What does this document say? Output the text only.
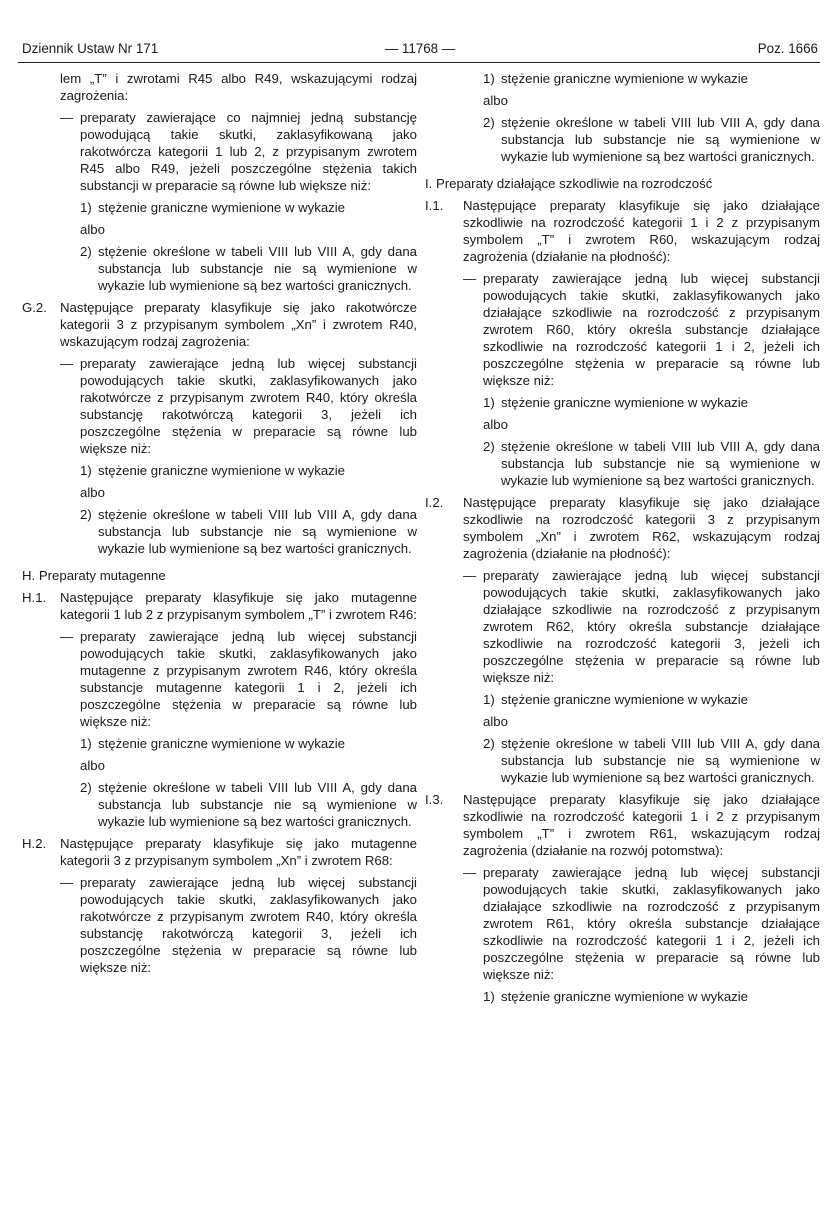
Dziennik Ustaw Nr 171	— 11768 —	Poz. 1666

lem „T” i zwrotami R45 albo R49, wskazującymi rodzaj zagrożenia:

— preparaty zawierające co najmniej jedną substancję powodującą takie skutki, zaklasyfikowaną jako rakotwórcza kategorii 1 lub 2, z przypisanym zwrotem R45 albo R49, jeżeli poszczególne stężenia takich substancji w preparacie są równe lub większe niż:

1) stężenie graniczne wymienione w wykazie

albo

2) stężenie określone w tabeli VIII lub VIII A, gdy dana substancja lub substancje nie są wymienione w wykazie lub wymienione są bez wartości granicznych.

G.2. Następujące preparaty klasyfikuje się jako rakotwórcze kategorii 3 z przypisanym symbolem „Xn” i zwrotem R40, wskazującym rodzaj zagrożenia:

— preparaty zawierające jedną lub więcej substancji powodujących takie skutki, zaklasyfikowanych jako rakotwórcze z przypisanym zwrotem R40, który określa substancję rakotwórczą kategorii 3, jeżeli ich poszczególne stężenia w preparacie są równe lub większe niż:

1) stężenie graniczne wymienione w wykazie

albo

2) stężenie określone w tabeli VIII lub VIII A, gdy dana substancja lub substancje nie są wymienione w wykazie lub wymienione są bez wartości granicznych.

H. Preparaty mutagenne

H.1.	Następujące preparaty klasyfikuje się jako mutagenne kategorii 1 lub 2 z przypisanym symbolem „T” i zwrotem R46:

— preparaty zawierające jedną lub więcej substancji powodujących takie skutki, zaklasyfikowanych jako mutagenne z przypisanym zwrotem R46, który określa substancje mutagenne kategorii 1 i 2, jeżeli ich poszczególne stężenia w preparacie są równe lub większe niż:

1) stężenie graniczne wymienione w wykazie

albo

2) stężenie określone w tabeli VIII lub VIII A, gdy dana substancja lub substancje nie są wymienione w wykazie lub wymienione są bez wartości granicznych.

H.2.	Następujące preparaty klasyfikuje się jako mutagenne kategorii 3 z przypisanym symbolem „Xn” i zwrotem R68:

— preparaty zawierające jedną lub więcej substancji powodujących takie skutki, zaklasyfikowanych jako rakotwórcze z przypisanym zwrotem R40, który określa substancję rakotwórczą kategorii 3, jeżeli ich poszczególne stężenia w preparacie są równe lub większe niż:

1) stężenie graniczne wymienione w wykazie

albo

2) stężenie określone w tabeli VIII lub VIII A, gdy dana substancja lub substancje nie są wymienione w wykazie lub wymienione są bez wartości granicznych.

I. Preparaty działające szkodliwie na rozrodczość

I.1.	Następujące preparaty klasyfikuje się jako działające szkodliwie na rozrodczość kategorii 1 i 2 z przypisanym symbolem „T” i zwrotem R60, wskazującym rodzaj zagrożenia (działanie na płodność):

— preparaty zawierające jedną lub więcej substancji powodujących takie skutki, zaklasyfikowanych jako działające szkodliwie na rozrodczość z przypisanym zwrotem R60, który określa substancje działające szkodliwie na rozrodczość kategorii 1 i 2, jeżeli ich poszczególne stężenia w preparacie są równe lub większe niż:

1) stężenie graniczne wymienione w wykazie

albo

2) stężenie określone w tabeli VIII lub VIII A, gdy dana substancja lub substancje nie są wymienione w wykazie lub wymienione są bez wartości granicznych.

I.2.	Następujące preparaty klasyfikuje się jako działające szkodliwie na rozrodczość kategorii 3 z przypisanym symbolem „Xn” i zwrotem R62, wskazującym rodzaj zagrożenia (działanie na płodność):

— preparaty zawierające jedną lub więcej substancji powodujących takie skutki, zaklasyfikowanych jako działające szkodliwie na rozrodczość z przypisanym zwrotem R62, który określa substancje działające szkodliwie na rozrodczość kategorii 3, jeżeli ich poszczególne stężenia w preparacie są równe lub większe niż:

1) stężenie graniczne wymienione w wykazie

albo

2) stężenie określone w tabeli VIII lub VIII A, gdy dana substancja lub substancje nie są wymienione w wykazie lub wymienione są bez wartości granicznych.

I.3.	Następujące preparaty klasyfikuje się jako działające szkodliwie na rozrodczość kategorii 1 i 2 z przypisanym symbolem „T” i zwrotem R61, wskazującym rodzaj zagrożenia (działanie na rozwój potomstwa):

— preparaty zawierające jedną lub więcej substancji powodujących takie skutki, zaklasyfikowanych jako działające szkodliwie na rozrodczość z przypisanym zwrotem R61, który określa substancje działające szkodliwie na rozrodczość kategorii 1 i 2, jeżeli ich poszczególne stężenia w preparacie są równe lub większe niż:

1) stężenie graniczne wymienione w wykazie
